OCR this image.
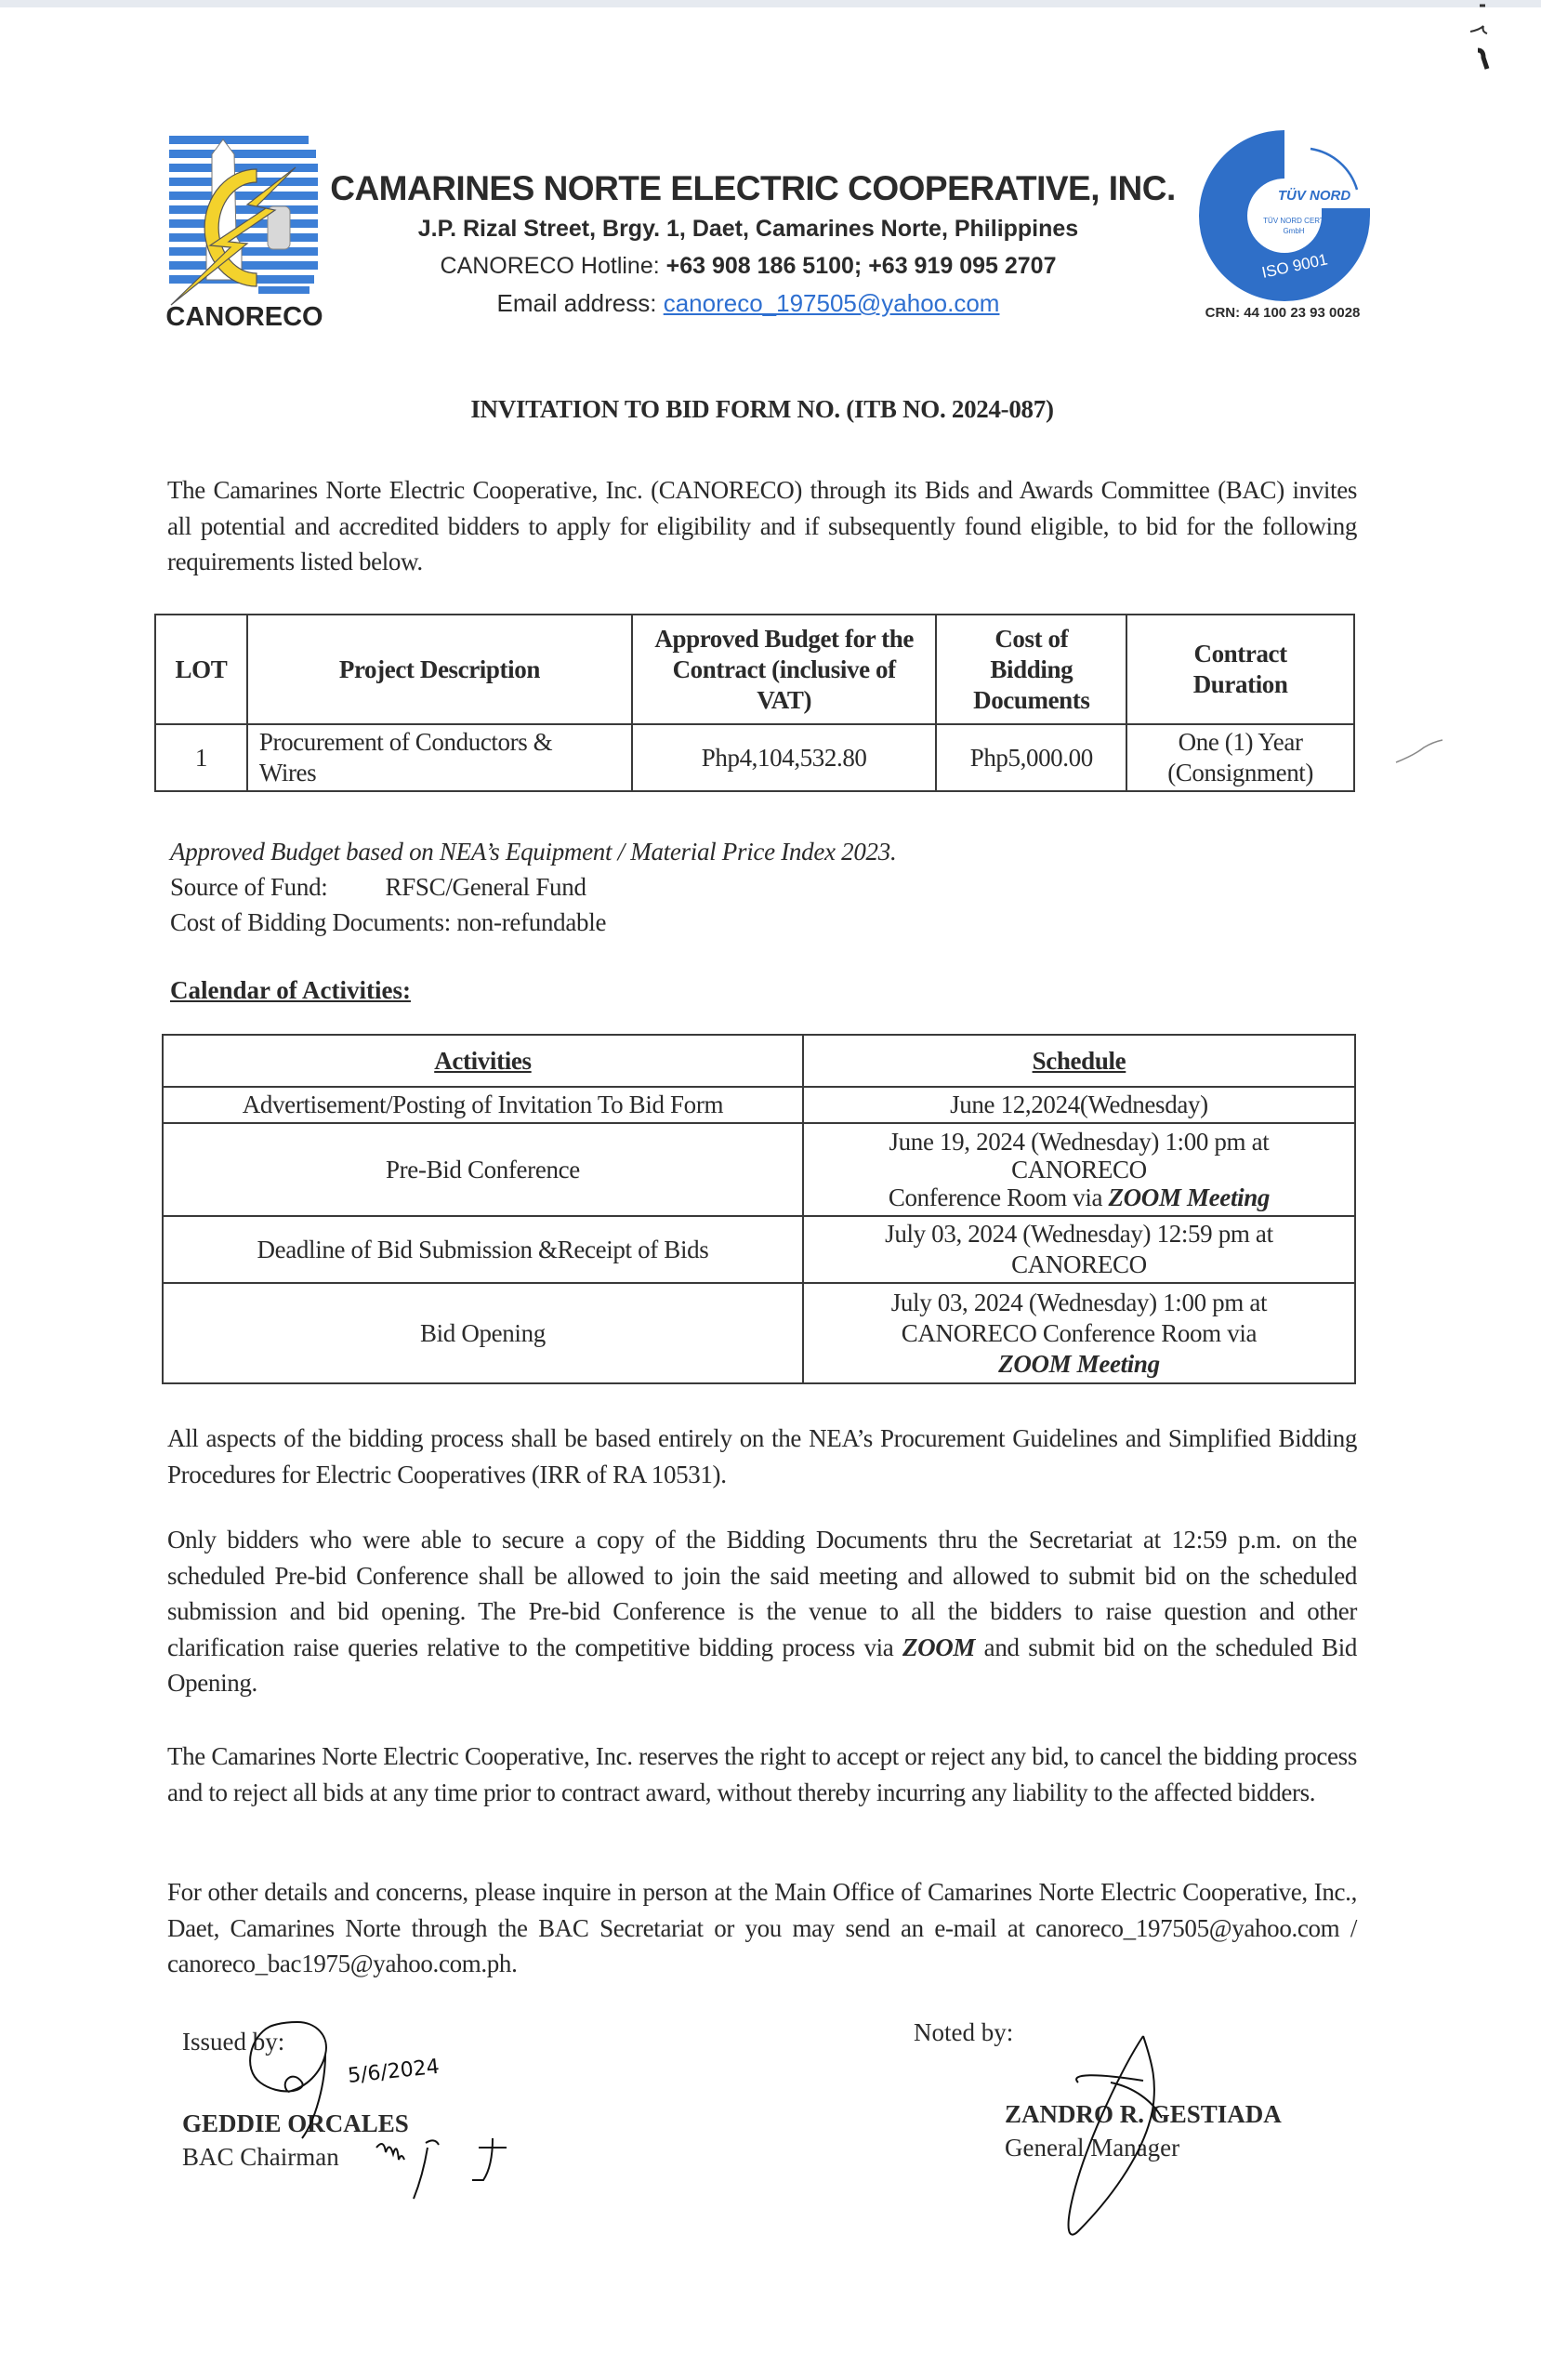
CANORECO
CAMARINES NORTE ELECTRIC COOPERATIVE, INC.
J.P. Rizal Street, Brgy. 1, Daet, Camarines Norte, Philippines
CANORECO Hotline: +63 908 186 5100; +63 919 095 2707
Email address: canoreco_197505@yahoo.com
TÜV NORD
TÜV NORD CERT
GmbH
ISO 9001
CRN: 44 100 23 93 0028
INVITATION TO BID FORM NO. (ITB NO. 2024-087)
The Camarines Norte Electric Cooperative, Inc. (CANORECO) through its Bids and Awards Committee (BAC) invites all potential and accredited bidders to apply for eligibility and if subsequently found eligible, to bid for the following requirements listed below.
LOT	Project Description	Approved Budget for the Contract (inclusive of VAT)	Cost of Bidding Documents	Contract Duration
1	Procurement of Conductors & Wires	Php4,104,532.80	Php5,000.00	One (1) Year (Consignment)
Approved Budget based on NEA’s Equipment / Material Price Index 2023.
Source of Fund: RFSC/General Fund
Cost of Bidding Documents: non-refundable
Calendar of Activities:
Activities	Schedule
Advertisement/Posting of Invitation To Bid Form	June 12,2024(Wednesday)
Pre-Bid Conference	June 19, 2024 (Wednesday) 1:00 pm at
CANORECO
Conference Room via ZOOM Meeting

Deadline of Bid Submission &Receipt of Bids	July 03, 2024 (Wednesday) 12:59 pm at
CANORECO

Bid Opening	July 03, 2024 (Wednesday) 1:00 pm at
CANORECO Conference Room via
ZOOM Meeting
All aspects of the bidding process shall be based entirely on the NEA’s Procurement Guidelines and Simplified Bidding Procedures for Electric Cooperatives (IRR of RA 10531).
Only bidders who were able to secure a copy of the Bidding Documents thru the Secretariat at 12:59 p.m. on the scheduled Pre-bid Conference shall be allowed to join the said meeting and allowed to submit bid on the scheduled submission and bid opening. The Pre-bid Conference is the venue to all the bidders to raise question and other clarification raise queries relative to the competitive bidding process via ZOOM and submit bid on the scheduled Bid Opening.
The Camarines Norte Electric Cooperative, Inc. reserves the right to accept or reject any bid, to cancel the bidding process and to reject all bids at any time prior to contract award, without thereby incurring any liability to the affected bidders.
For other details and concerns, please inquire in person at the Main Office of Camarines Norte Electric Cooperative, Inc., Daet, Camarines Norte through the BAC Secretariat or you may send an e-mail at canoreco_197505@yahoo.com / canoreco_bac1975@yahoo.com.ph.
Issued by:
GEDDIE ORCALES
BAC Chairman
5/6/2024
Noted by:
ZANDRO R. GESTIADA
General Manager
